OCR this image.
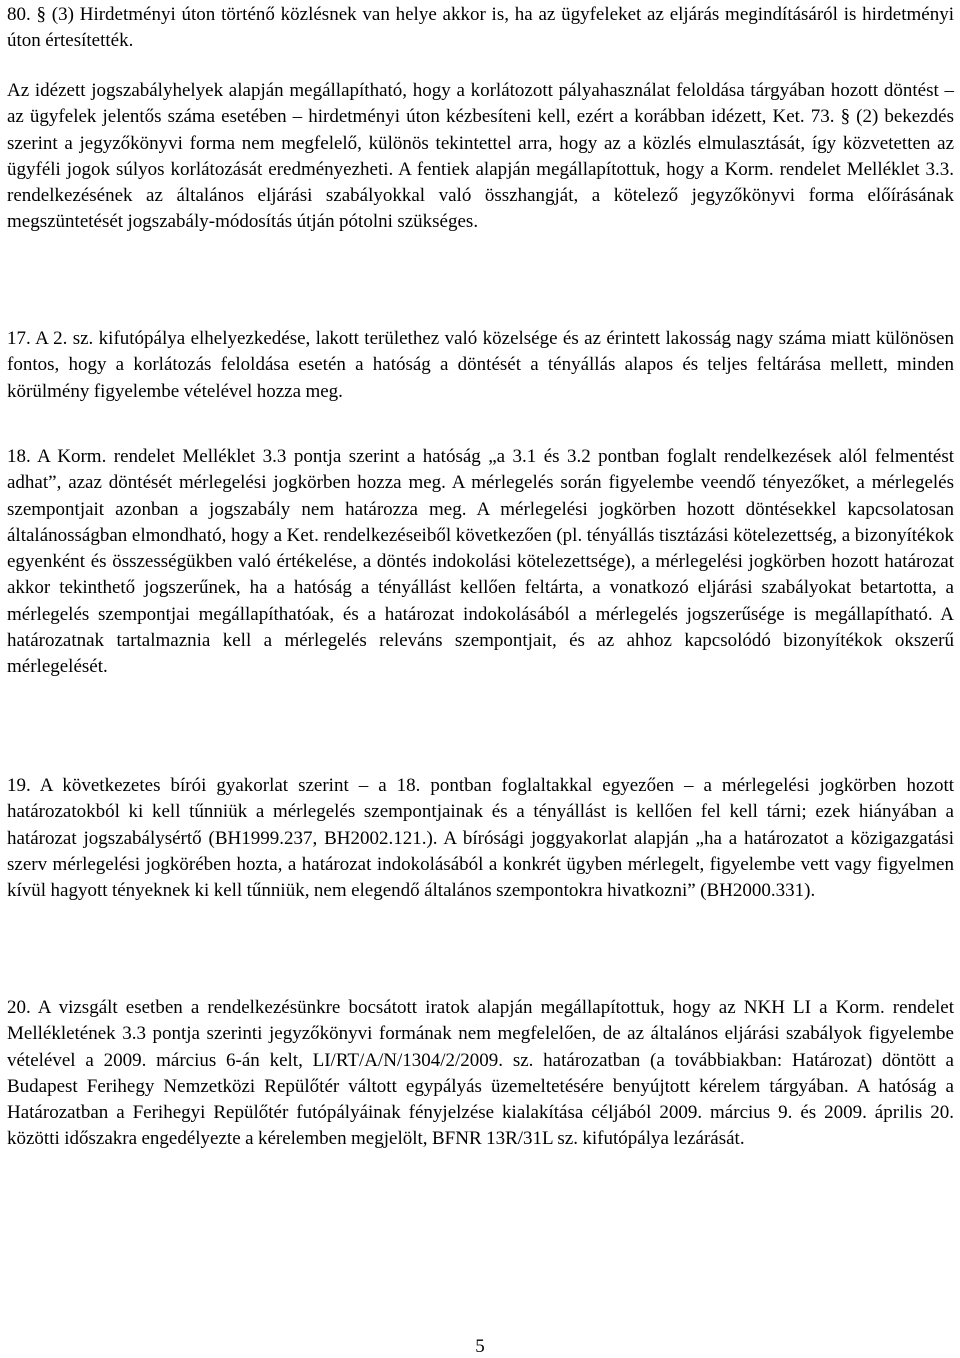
80. § (3) Hirdetményi úton történő közlésnek van helye akkor is, ha az ügyfeleket az eljárás megindításáról is hirdetményi úton értesítették.

Az idézett jogszabályhelyek alapján megállapítható, hogy a korlátozott pályahasználat feloldása tárgyában hozott döntést – az ügyfelek jelentős száma esetében – hirdetményi úton kézbesíteni kell, ezért a korábban idézett, Ket. 73. § (2) bekezdés szerint a jegyzőkönyvi forma nem megfelelő, különös tekintettel arra, hogy az a közlés elmulasztását, így közvetetten az ügyféli jogok súlyos korlátozását eredményezheti. A fentiek alapján megállapítottuk, hogy a Korm. rendelet Melléklet 3.3. rendelkezésének az általános eljárási szabályokkal való összhangját, a kötelező jegyzőkönyvi forma előírásának megszüntetését jogszabály-módosítás útján pótolni szükséges.

17. A 2. sz. kifutópálya elhelyezkedése, lakott területhez való közelsége és az érintett lakosság nagy száma miatt különösen fontos, hogy a korlátozás feloldása esetén a hatóság a döntését a tényállás alapos és teljes feltárása mellett, minden körülmény figyelembe vételével hozza meg.

18. A Korm. rendelet Melléklet 3.3 pontja szerint a hatóság „a 3.1 és 3.2 pontban foglalt rendelkezések alól felmentést adhat”, azaz döntését mérlegelési jogkörben hozza meg. A mérlegelés során figyelembe veendő tényezőket, a mérlegelés szempontjait azonban a jogszabály nem határozza meg. A mérlegelési jogkörben hozott döntésekkel kapcsolatosan általánosságban elmondható, hogy a Ket. rendelkezéseiből következően (pl. tényállás tisztázási kötelezettség, a bizonyítékok egyenként és összességükben való értékelése, a döntés indokolási kötelezettsége), a mérlegelési jogkörben hozott határozat akkor tekinthető jogszerűnek, ha a hatóság a tényállást kellően feltárta, a vonatkozó eljárási szabályokat betartotta, a mérlegelés szempontjai megállapíthatóak, és a határozat indokolásából a mérlegelés jogszerűsége is megállapítható. A határozatnak tartalmaznia kell a mérlegelés releváns szempontjait, és az ahhoz kapcsolódó bizonyítékok okszerű mérlegelését.

19. A következetes bírói gyakorlat szerint – a 18. pontban foglaltakkal egyezően – a mérlegelési jogkörben hozott határozatokból ki kell tűnniük a mérlegelés szempontjainak és a tényállást is kellően fel kell tárni; ezek hiányában a határozat jogszabálysértő (BH1999.237, BH2002.121.). A bírósági joggyakorlat alapján „ha a határozatot a közigazgatási szerv mérlegelési jogkörében hozta, a határozat indokolásából a konkrét ügyben mérlegelt, figyelembe vett vagy figyelmen kívül hagyott tényeknek ki kell tűnniük, nem elegendő általános szempontokra hivatkozni” (BH2000.331).

20. A vizsgált esetben a rendelkezésünkre bocsátott iratok alapján megállapítottuk, hogy az NKH LI a Korm. rendelet Mellékletének 3.3 pontja szerinti jegyzőkönyvi formának nem megfelelően, de az általános eljárási szabályok figyelembe vételével a 2009. március 6-án kelt, LI/RT/A/N/1304/2/2009. sz. határozatban (a továbbiakban: Határozat) döntött a Budapest Ferihegy Nemzetközi Repülőtér váltott egypályás üzemeltetésére benyújtott kérelem tárgyában. A hatóság a Határozatban a Ferihegyi Repülőtér futópályáinak fényjelzése kialakítása céljából 2009. március 9. és 2009. április 20. közötti időszakra engedélyezte a kérelemben megjelölt, BFNR 13R/31L sz. kifutópálya lezárását.

5
